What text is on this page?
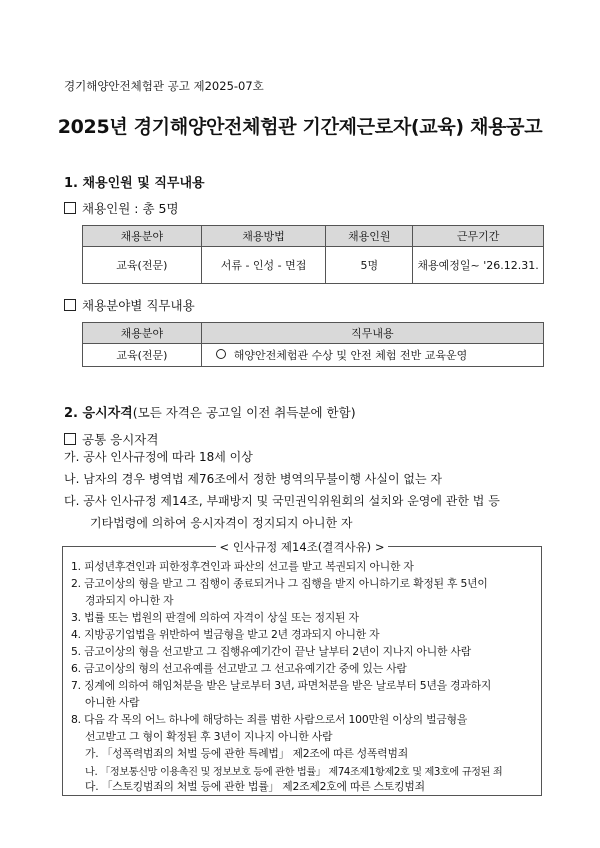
경기해양안전체험관 공고 제2025-07호
2025년 경기해양안전체험관 기간제근로자(교육) 채용공고
1. 채용인원 및 직무내용
채용인원 : 총 5명
채용분야	채용방법	채용인원	근무기간
교육(전문)	서류 - 인성 - 면접	5명	채용예정일~ '26.12.31.
채용분야별 직무내용
채용분야	직무내용
교육(전문)	해양안전체험관 수상 및 안전 체험 전반 교육운영
2. 응시자격(모든 자격은 공고일 이전 취득분에 한함)
공통 응시자격
가. 공사 인사규정에 따라 18세 이상
나. 남자의 경우 병역법 제76조에서 정한 병역의무불이행 사실이 없는 자
다. 공사 인사규정 제14조, 부패방지 및 국민권익위원회의 설치와 운영에 관한 법 등
기타법령에 의하여 응시자격이 정지되지 아니한 자
< 인사규정 제14조(결격사유) >
1. 피성년후견인과 피한정후견인과 파산의 선고를 받고 복권되지 아니한 자
2. 금고이상의 형을 받고 그 집행이 종료되거나 그 집행을 받지 아니하기로 확정된 후 5년이
경과되지 아니한 자
3. 법률 또는 법원의 판결에 의하여 자격이 상실 또는 정지된 자
4. 지방공기업법을 위반하여 벌금형을 받고 2년 경과되지 아니한 자
5. 금고이상의 형을 선고받고 그 집행유예기간이 끝난 날부터 2년이 지나지 아니한 사람
6. 금고이상의 형의 선고유예를 선고받고 그 선고유예기간 중에 있는 사람
7. 징계에 의하여 해임처분을 받은 날로부터 3년, 파면처분을 받은 날로부터 5년을 경과하지
아니한 사람
8. 다음 각 목의 어느 하나에 해당하는 죄를 범한 사람으로서 100만원 이상의 벌금형을
선고받고 그 형이 확정된 후 3년이 지나지 아니한 사람
가. 「성폭력범죄의 처벌 등에 관한 특례법」 제2조에 따른 성폭력범죄
나. 「정보통신망 이용촉진 및 정보보호 등에 관한 법률」 제74조제1항제2호 및 제3호에 규정된 죄
다. 「스토킹범죄의 처벌 등에 관한 법률」 제2조제2호에 따른 스토킹범죄
